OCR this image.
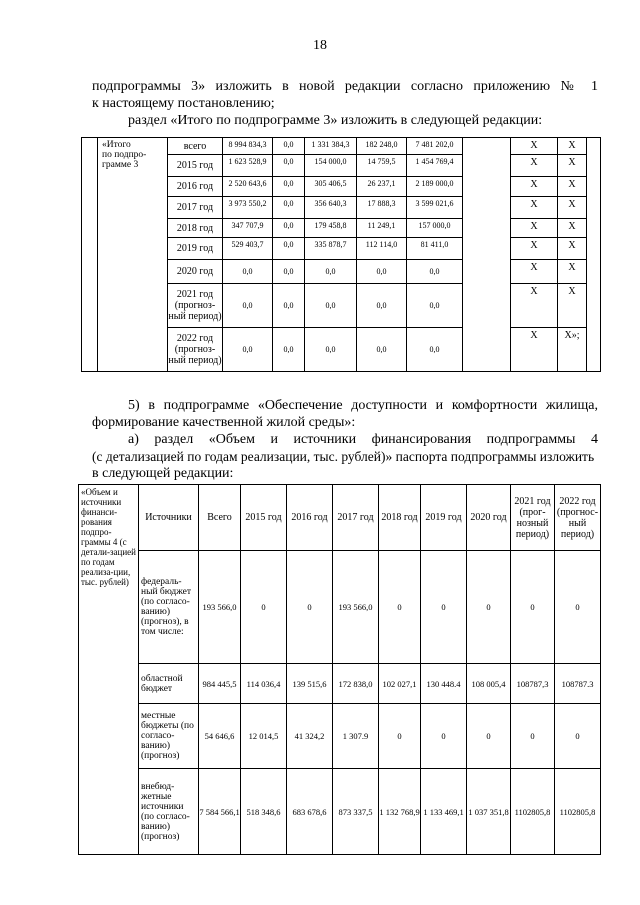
18
подпрограммы 3» изложить в новой редакции согласно приложению № 1
к настоящему постановлению;
раздел «Итого по подпрограмме 3» изложить в следующей редакции:

	«Итого
по подпро-
грамме 3	всего	8 994 834,3	0,0	1 331 384,3	182 248,0	7 481 202,0		Х	Х	
		2015 год	1 623 528,9	0,0	154 000,0	14 759,5	1 454 769,4		Х	Х	
		2016 год	2 520 643,6	0,0	305 406,5	26 237,1	2 189 000,0		Х	Х	
		2017 год	3 973 550,2	0,0	356 640,3	17 888,3	3 599 021,6		Х	Х	
		2018 год	347 707,9	0,0	179 458,8	11 249,1	157 000,0		Х	Х	
		2019 год	529 403,7	0,0	335 878,7	112 114,0	81 411,0		Х	Х	
		2020 год	0,0	0,0	0,0	0,0	0,0		Х	Х	
		2021 год (прогноз-ный период)	0,0	0,0	0,0	0,0	0,0		Х	Х	
		2022 год (прогноз-ный период)	0,0	0,0	0,0	0,0	0,0		Х	Х»;	
5) в подпрограмме «Обеспечение доступности и комфортности жилища,
формирование качественной жилой среды»:
а) раздел «Объем и источники финансирования подпрограммы 4
(с детализацией по годам реализации, тыс. рублей)» паспорта подпрограммы изложить
в следующей редакции:
«Объем и источники финанси-рования подпро-граммы 4 (с детали-зацией по годам реализа-ции, тыс. рублей)	Источники	Всего	2015 год	2016 год	2017 год	2018 год	2019 год	2020 год	2021 год (прог-нозный период)	2022 год (прогнос-ный период)
	федераль-ный бюджет (по согласо-ванию) (прогноз), в том числе:	193 566,0	0	0	193 566,0	0	0	0	0	0
	областной бюджет	984 445,5	114 036,4	139 515,6	172 838,0	102 027,1	130 448.4	108 005,4	108787,3	108787.3
	местные бюджеты (по согласо-ванию) (прогноз)	54 646,6	12 014,5	41 324,2	1 307.9	0	0	0	0	0
	внебюд-жетные источники (по согласо-ванию) (прогноз)	7 584 566,1	518 348,6	683 678,6	873 337,5	1 132 768,9	1 133 469,1	1 037 351,8	1102805,8	1102805,8
